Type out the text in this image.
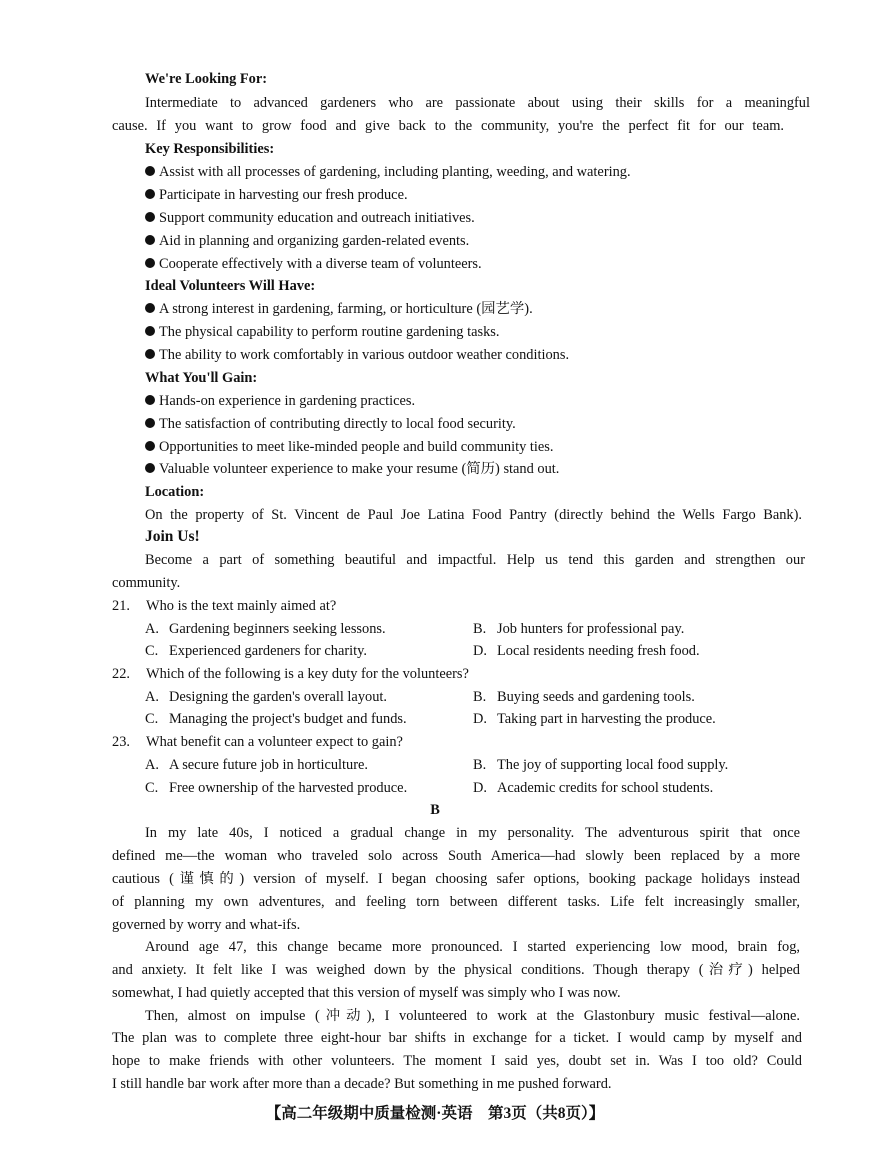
We're Looking For:
Intermediate to advanced gardeners who are passionate about using their skills for a meaningful
cause. If you want to grow food and give back to the community, you're the perfect fit for our team.
Key Responsibilities:
Assist with all processes of gardening, including planting, weeding, and watering.
Participate in harvesting our fresh produce.
Support community education and outreach initiatives.
Aid in planning and organizing garden-related events.
Cooperate effectively with a diverse team of volunteers.
Ideal Volunteers Will Have:
A strong interest in gardening, farming, or horticulture (园艺学).
The physical capability to perform routine gardening tasks.
The ability to work comfortably in various outdoor weather conditions.
What You'll Gain:
Hands-on experience in gardening practices.
The satisfaction of contributing directly to local food security.
Opportunities to meet like-minded people and build community ties.
Valuable volunteer experience to make your resume (简历) stand out.
Location:
On the property of St. Vincent de Paul Joe Latina Food Pantry (directly behind the Wells Fargo Bank).
Join Us!
Become a part of something beautiful and impactful. Help us tend this garden and strengthen our
community.
21. Who is the text mainly aimed at?
A. Gardening beginners seeking lessons.	B. Job hunters for professional pay.
C. Experienced gardeners for charity.	D. Local residents needing fresh food.
22. Which of the following is a key duty for the volunteers?
A. Designing the garden's overall layout.	B. Buying seeds and gardening tools.
C. Managing the project's budget and funds.	D. Taking part in harvesting the produce.
23. What benefit can a volunteer expect to gain?
A. A secure future job in horticulture.	B. The joy of supporting local food supply.
C. Free ownership of the harvested produce.	D. Academic credits for school students.
B
In my late 40s, I noticed a gradual change in my personality. The adventurous spirit that once
defined me—the woman who traveled solo across South America—had slowly been replaced by a more
cautious (谨慎的) version of myself. I began choosing safer options, booking package holidays instead
of planning my own adventures, and feeling torn between different tasks. Life felt increasingly smaller,
governed by worry and what-ifs.
Around age 47, this change became more pronounced. I started experiencing low mood, brain fog,
and anxiety. It felt like I was weighed down by the physical conditions. Though therapy (治疗) helped
somewhat, I had quietly accepted that this version of myself was simply who I was now.
Then, almost on impulse (冲动), I volunteered to work at the Glastonbury music festival—alone.
The plan was to complete three eight-hour bar shifts in exchange for a ticket. I would camp by myself and
hope to make friends with other volunteers. The moment I said yes, doubt set in. Was I too old? Could
I still handle bar work after more than a decade? But something in me pushed forward.
【高二年级期中质量检测·英语　第3页（共8页）】
